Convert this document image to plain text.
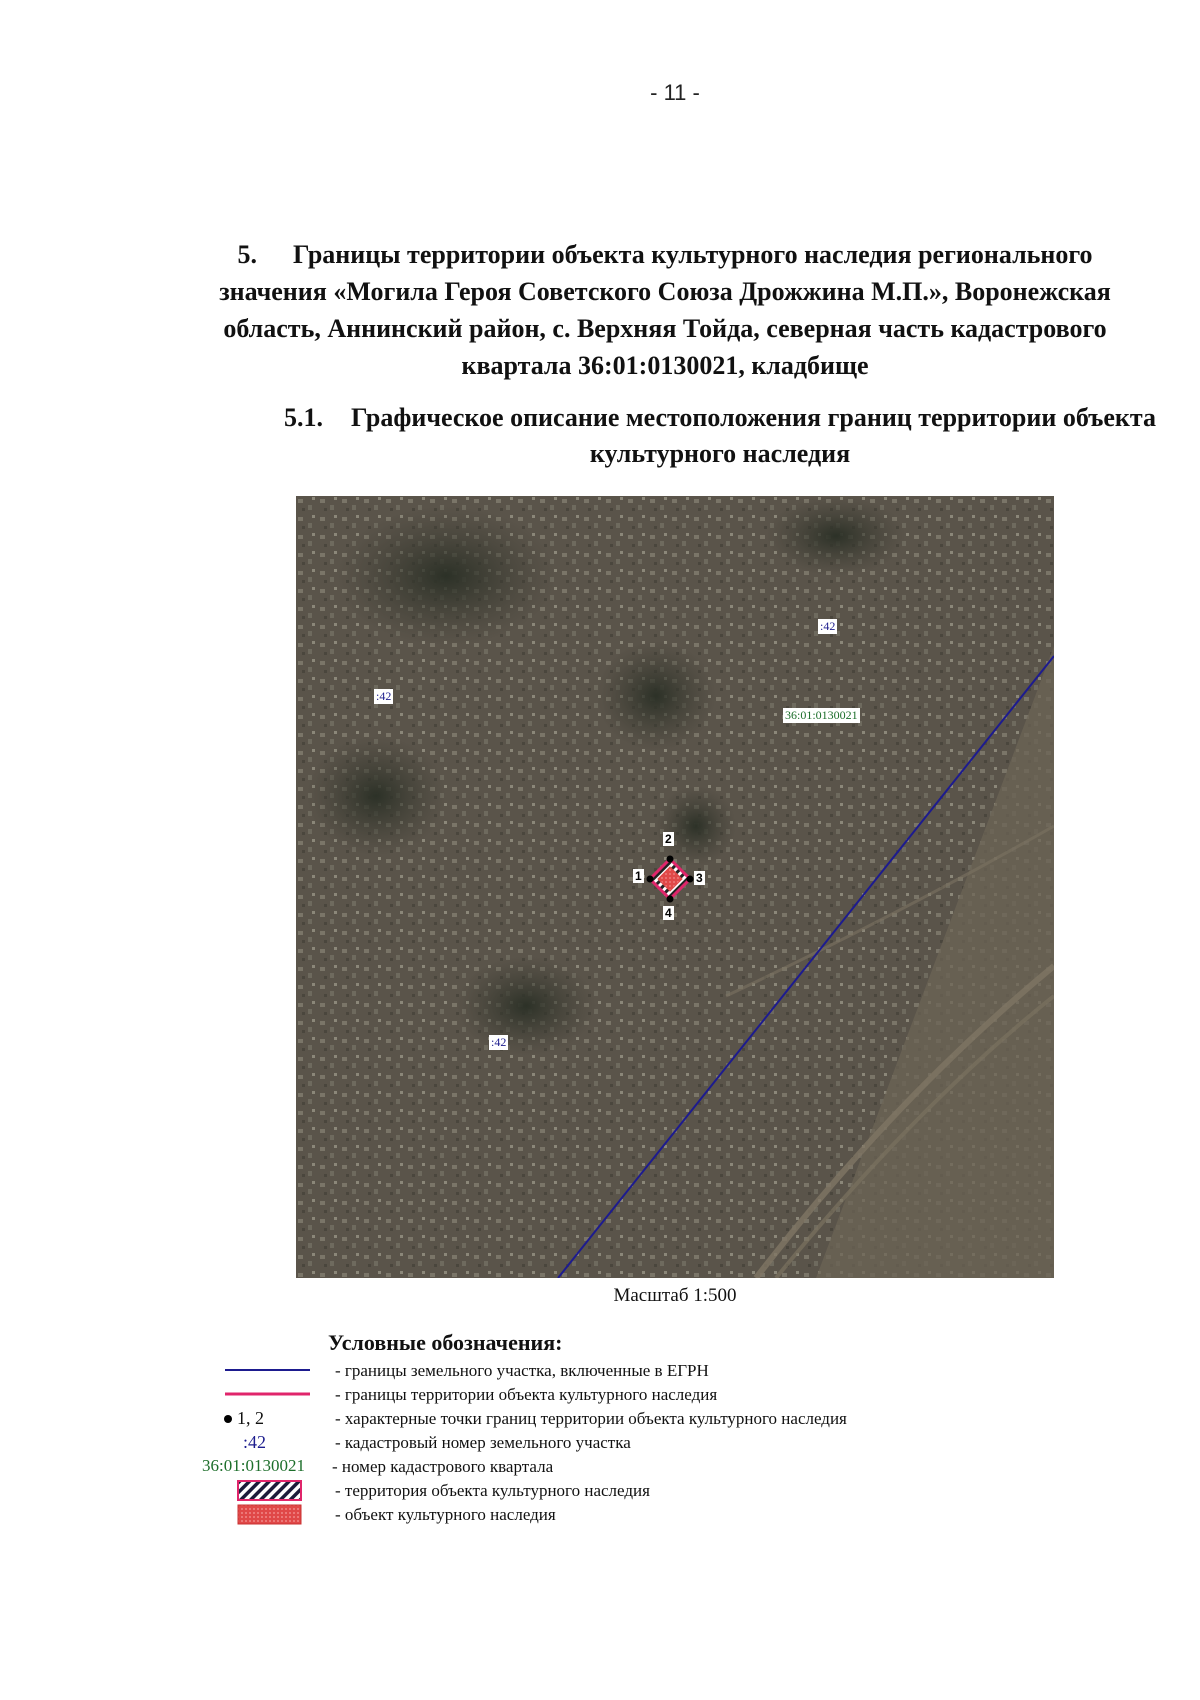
- 11 -
5. Границы территории объекта культурного наследия регионального значения «Могила Героя Советского Союза Дрожжина М.П.», Воронежская область, Аннинский район, с. Верхняя Тойда, северная часть кадастрового квартала 36:01:0130021, кладбище
5.1. Графическое описание местоположения границ территории объекта культурного наследия
:42
:42
:42
36:01:0130021
1
2
3
4
Масштаб 1:500
Условные обозначения:
- границы земельного участка, включенные в ЕГРН
- границы территории объекта культурного наследия
1, 2	- характерные точки границ территории объекта культурного наследия
:42	- кадастровый номер земельного участка
36:01:0130021 - номер кадастрового квартала
- территория объекта культурного наследия
- объект культурного наследия
